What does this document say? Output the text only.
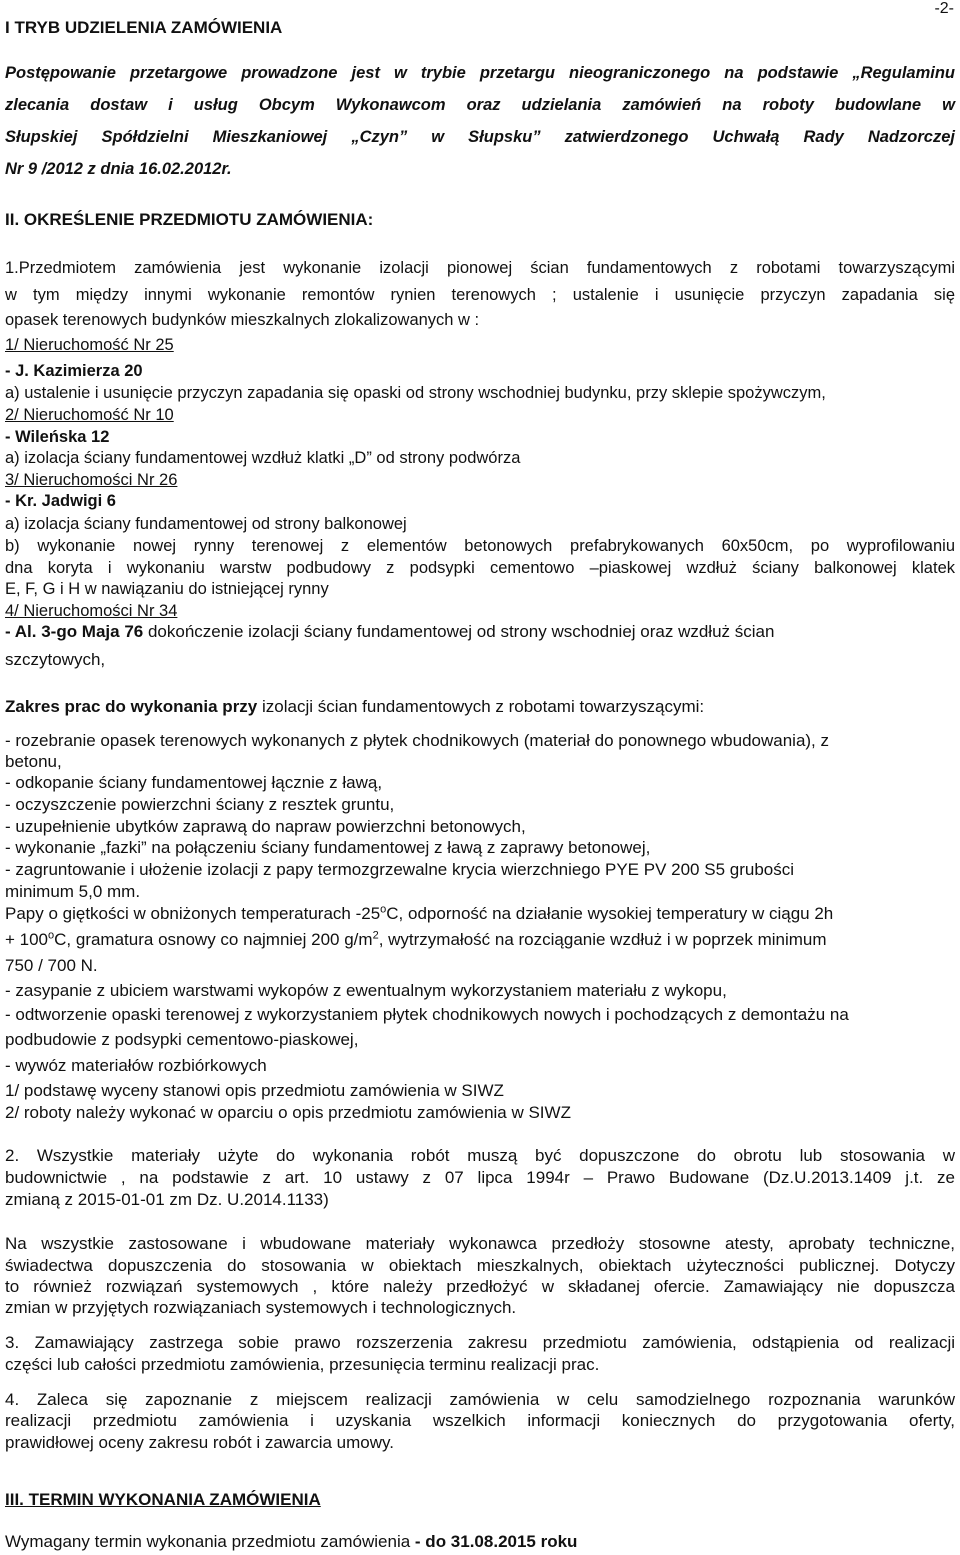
-2-
I TRYB UDZIELENIA ZAMÓWIENIA
Postępowanie przetargowe prowadzone jest w trybie przetargu nieograniczonego na podstawie „Regulaminu
zlecania dostaw i usług Obcym Wykonawcom oraz udzielania zamówień na roboty budowlane w
Słupskiej Spółdzielni Mieszkaniowej „Czyn” w Słupsku” zatwierdzonego Uchwałą Rady Nadzorczej
Nr 9 /2012 z dnia 16.02.2012r.
II. OKREŚLENIE PRZEDMIOTU ZAMÓWIENIA:
1.Przedmiotem zamówienia jest wykonanie izolacji pionowej ścian fundamentowych z robotami towarzyszącymi
w tym między innymi wykonanie remontów rynien terenowych ; ustalenie i usunięcie przyczyn zapadania się
opasek terenowych budynków mieszkalnych zlokalizowanych w :
1/ Nieruchomość Nr 25
- J. Kazimierza 20
a) ustalenie i usunięcie przyczyn zapadania się opaski od strony wschodniej budynku, przy sklepie spożywczym,
2/ Nieruchomość Nr 10
- Wileńska 12
a) izolacja ściany fundamentowej wzdłuż klatki „D” od strony podwórza
3/ Nieruchomości Nr 26
- Kr. Jadwigi 6
a) izolacja ściany fundamentowej od strony balkonowej
b) wykonanie nowej rynny terenowej z elementów betonowych prefabrykowanych 60x50cm, po wyprofilowaniu
dna koryta i wykonaniu warstw podbudowy z podsypki cementowo –piaskowej wzdłuż ściany balkonowej klatek
E, F, G i H w nawiązaniu do istniejącej rynny
4/ Nieruchomości Nr 34
- Al. 3-go Maja 76 dokończenie izolacji ściany fundamentowej od strony wschodniej oraz wzdłuż ścian
szczytowych,
Zakres prac do wykonania przy izolacji ścian fundamentowych z robotami towarzyszącymi:
- rozebranie opasek terenowych wykonanych z płytek chodnikowych (materiał do ponownego wbudowania), z
betonu,
- odkopanie ściany fundamentowej łącznie z ławą,
- oczyszczenie powierzchni ściany z resztek gruntu,
- uzupełnienie ubytków zaprawą do napraw powierzchni betonowych,
- wykonanie „fazki” na połączeniu ściany fundamentowej z ławą z zaprawy betonowej,
- zagruntowanie i ułożenie izolacji z papy termozgrzewalne krycia wierzchniego PYE PV 200 S5 grubości
minimum 5,0 mm.
Papy o giętkości w obniżonych temperaturach -25$^o$C, odporność na działanie wysokiej temperatury w ciągu 2h
+ $100^oC$, gramatura osnowy co najmniej 200 $g/m^2$, wytrzymałość na rozciąganie wzdłuż i w poprzek minimum
750 / 700 N.
- zasypanie z ubiciem warstwami wykopów z ewentualnym wykorzystaniem materiału z wykopu,
- odtworzenie opaski terenowej z wykorzystaniem płytek chodnikowych nowych i pochodzących z demontażu na
podbudowie z podsypki cementowo-piaskowej,
- wywóz materiałów rozbiórkowych
1/ podstawę wyceny stanowi opis przedmiotu zamówienia w SIWZ
2/ roboty należy wykonać w oparciu o opis przedmiotu zamówienia w SIWZ
2. Wszystkie materiały użyte do wykonania robót muszą być dopuszczone do obrotu lub stosowania w
budownictwie , na podstawie z art. 10 ustawy z 07 lipca 1994r – Prawo Budowane (Dz.U.2013.1409 j.t. ze
zmianą z 2015-01-01 zm Dz. U.2014.1133)
Na wszystkie zastosowane i wbudowane materiały wykonawca przedłoży stosowne atesty, aprobaty techniczne,
świadectwa dopuszczenia do stosowania w obiektach mieszkalnych, obiektach użyteczności publicznej. Dotyczy
to również rozwiązań systemowych , które należy przedłożyć w składanej ofercie. Zamawiający nie dopuszcza
zmian w przyjętych rozwiązaniach systemowych i technologicznych.
3. Zamawiający zastrzega sobie prawo rozszerzenia zakresu przedmiotu zamówienia, odstąpienia od realizacji
części lub całości przedmiotu zamówienia, przesunięcia terminu realizacji prac.
4. Zaleca się zapoznanie z miejscem realizacji zamówienia w celu samodzielnego rozpoznania warunków
realizacji przedmiotu zamówienia i uzyskania wszelkich informacji koniecznych do przygotowania oferty,
prawidłowej oceny zakresu robót i zawarcia umowy.
III. TERMIN WYKONANIA ZAMÓWIENIA
Wymagany termin wykonania przedmiotu zamówienia - do 31.08.2015 roku
